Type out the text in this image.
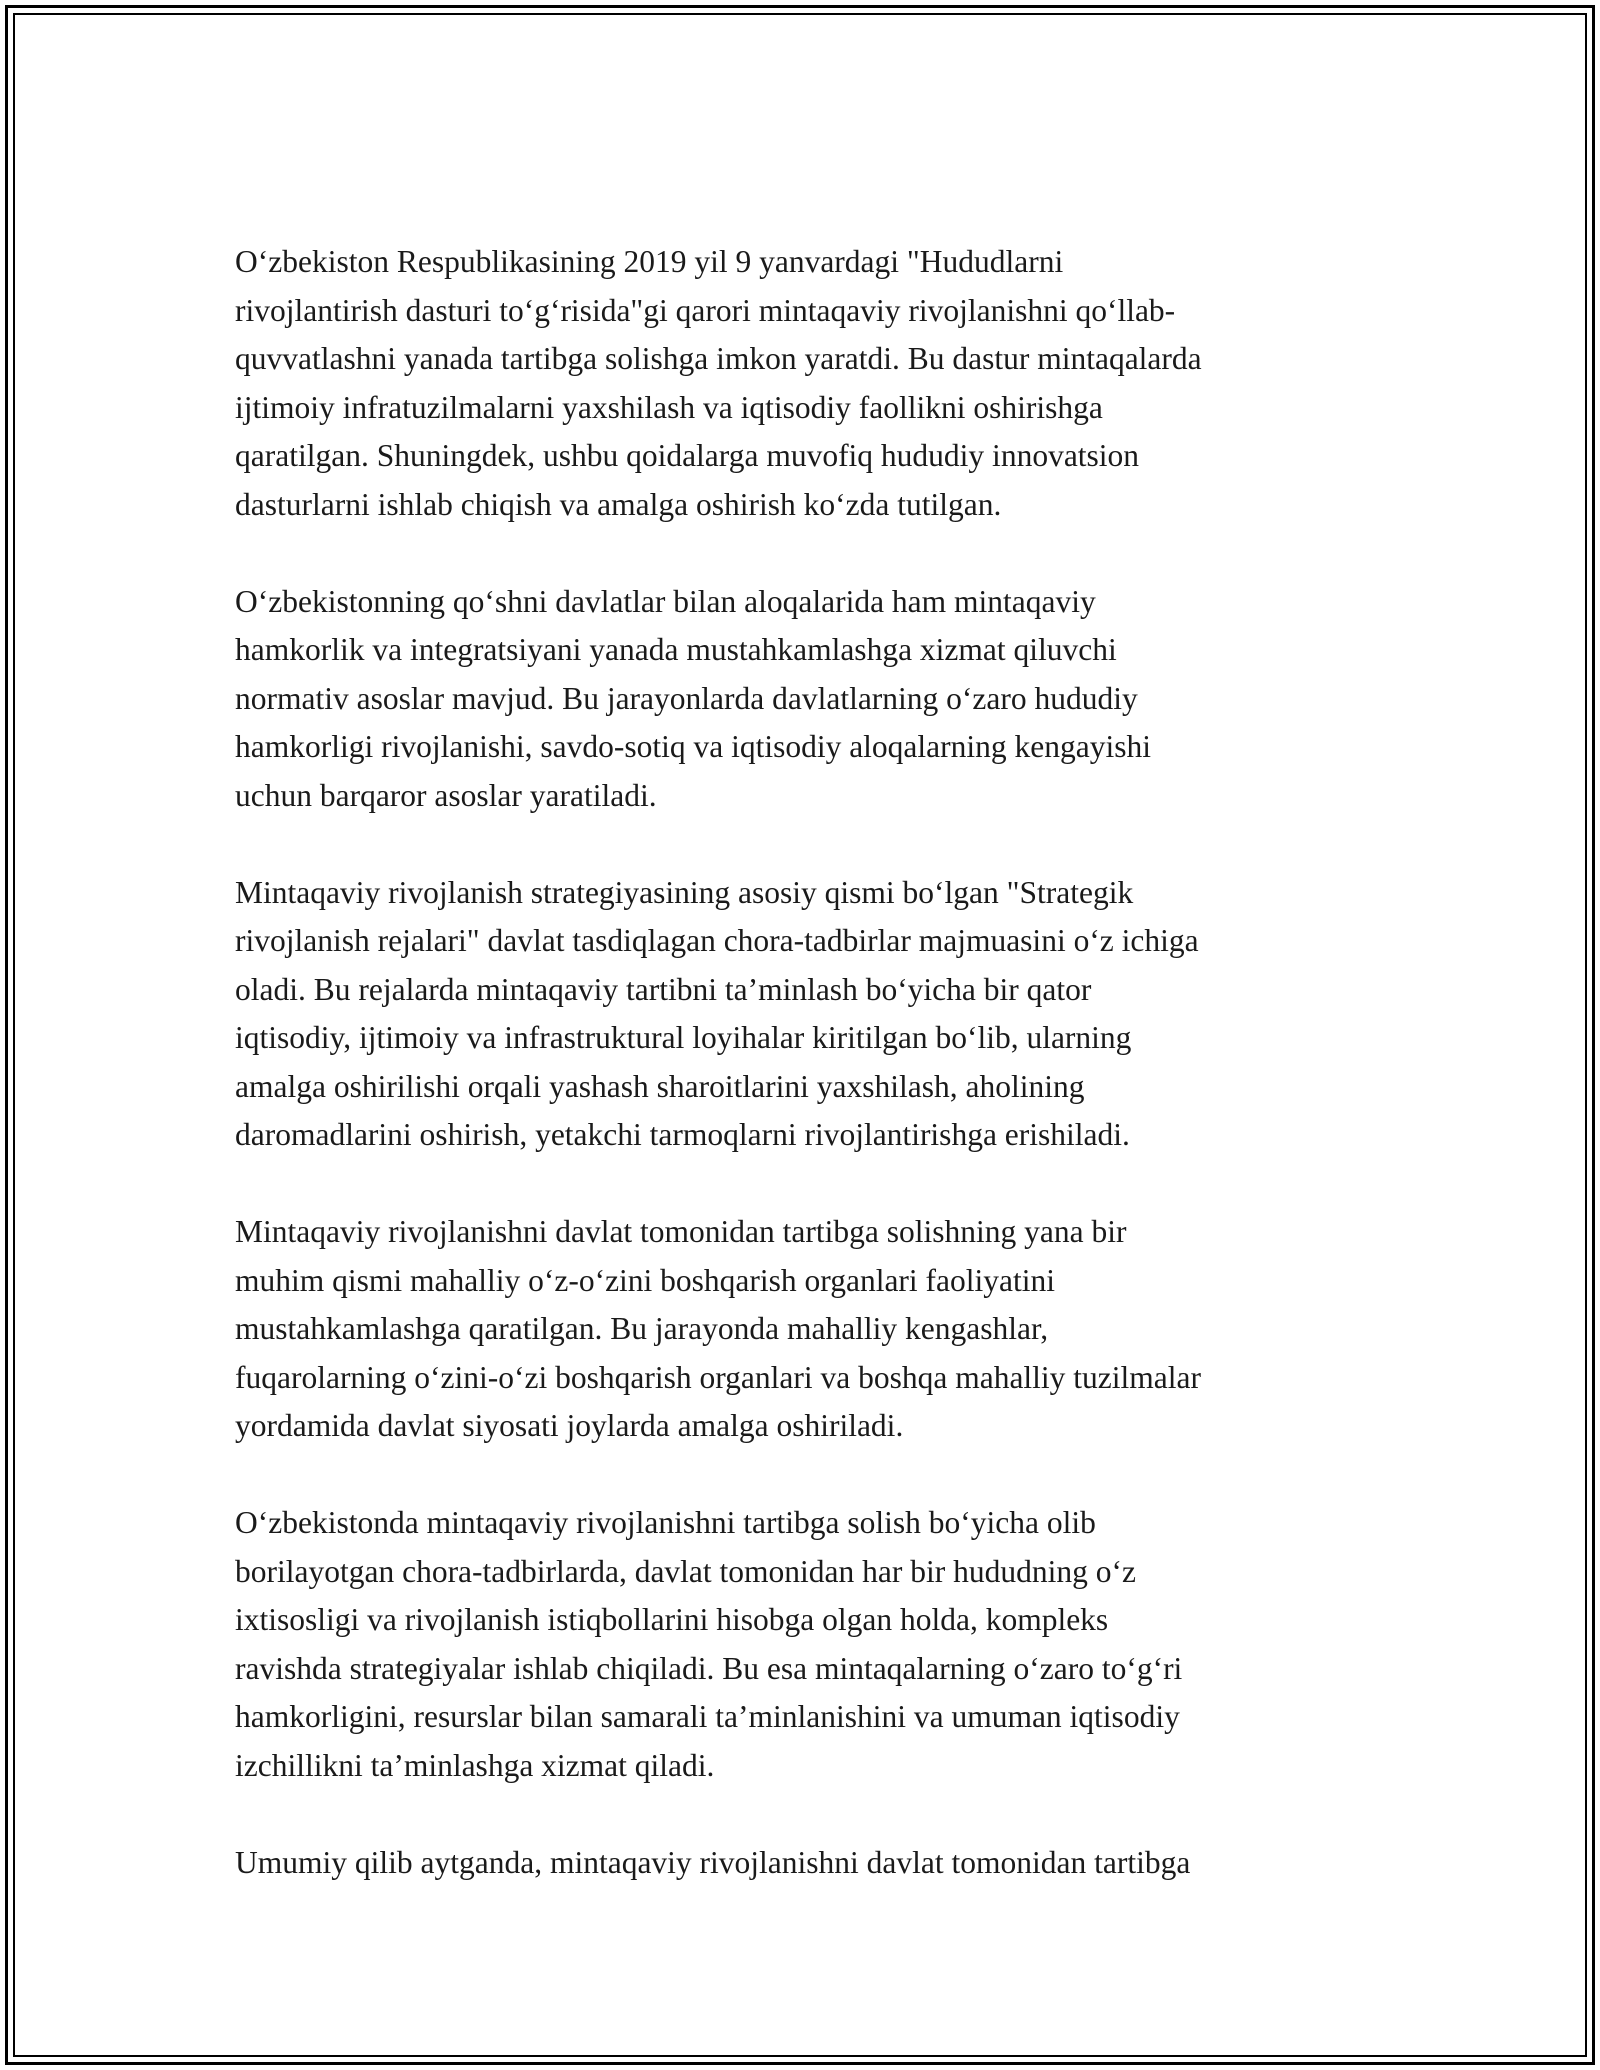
Oʻzbekiston Respublikasining 2019 yil 9 yanvardagi "Hududlarni
rivojlantirish dasturi toʻgʻrisida"gi qarori mintaqaviy rivojlanishni qoʻllab-
quvvatlashni yanada tartibga solishga imkon yaratdi. Bu dastur mintaqalarda
ijtimoiy infratuzilmalarni yaxshilash va iqtisodiy faollikni oshirishga
qaratilgan. Shuningdek, ushbu qoidalarga muvofiq hududiy innovatsion
dasturlarni ishlab chiqish va amalga oshirish koʻzda tutilgan.

Oʻzbekistonning qoʻshni davlatlar bilan aloqalarida ham mintaqaviy
hamkorlik va integratsiyani yanada mustahkamlashga xizmat qiluvchi
normativ asoslar mavjud. Bu jarayonlarda davlatlarning oʻzaro hududiy
hamkorligi rivojlanishi, savdo-sotiq va iqtisodiy aloqalarning kengayishi
uchun barqaror asoslar yaratiladi.

Mintaqaviy rivojlanish strategiyasining asosiy qismi boʻlgan "Strategik
rivojlanish rejalari" davlat tasdiqlagan chora-tadbirlar majmuasini oʻz ichiga
oladi. Bu rejalarda mintaqaviy tartibni taʼminlash boʻyicha bir qator
iqtisodiy, ijtimoiy va infrastruktural loyihalar kiritilgan boʻlib, ularning
amalga oshirilishi orqali yashash sharoitlarini yaxshilash, aholining
daromadlarini oshirish, yetakchi tarmoqlarni rivojlantirishga erishiladi.

Mintaqaviy rivojlanishni davlat tomonidan tartibga solishning yana bir
muhim qismi mahalliy oʻz-oʻzini boshqarish organlari faoliyatini
mustahkamlashga qaratilgan. Bu jarayonda mahalliy kengashlar,
fuqarolarning oʻzini-oʻzi boshqarish organlari va boshqa mahalliy tuzilmalar
yordamida davlat siyosati joylarda amalga oshiriladi.

Oʻzbekistonda mintaqaviy rivojlanishni tartibga solish boʻyicha olib
borilayotgan chora-tadbirlarda, davlat tomonidan har bir hududning oʻz
ixtisosligi va rivojlanish istiqbollarini hisobga olgan holda, kompleks
ravishda strategiyalar ishlab chiqiladi. Bu esa mintaqalarning oʻzaro toʻgʻri
hamkorligini, resurslar bilan samarali taʼminlanishini va umuman iqtisodiy
izchillikni taʼminlashga xizmat qiladi.

Umumiy qilib aytganda, mintaqaviy rivojlanishni davlat tomonidan tartibga
